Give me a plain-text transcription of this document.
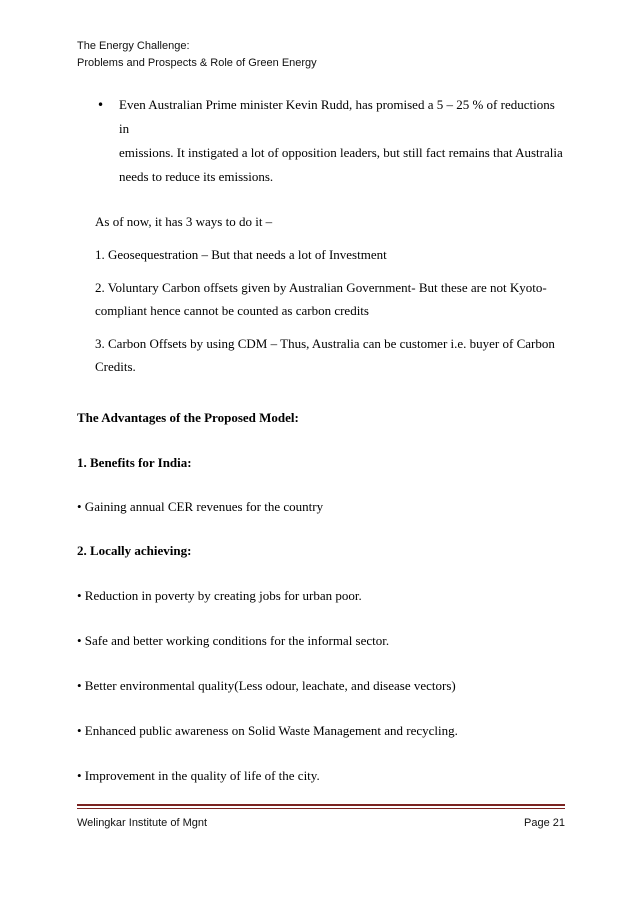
The Energy Challenge:
Problems and Prospects & Role of Green Energy
• Even Australian Prime minister Kevin Rudd, has promised a 5 – 25 % of reductions in

emissions. It instigated a lot of opposition leaders, but still fact remains that Australia

needs to reduce its emissions.

As of now, it has 3 ways to do it –

1. Geosequestration – But that needs a lot of Investment

2. Voluntary Carbon offsets given by Australian Government- But these are not Kyoto-

compliant hence cannot be counted as carbon credits

3. Carbon Offsets by using CDM – Thus, Australia can be customer i.e. buyer of Carbon

Credits.

The Advantages of the Proposed Model:

1. Benefits for India:

• Gaining annual CER revenues for the country

2. Locally achieving:

• Reduction in poverty by creating jobs for urban poor.

• Safe and better working conditions for the informal sector.

• Better environmental quality(Less odour, leachate, and disease vectors)

• Enhanced public awareness on Solid Waste Management and recycling.

• Improvement in the quality of life of the city.

Welingkar Institute of Mgnt	Page 21
